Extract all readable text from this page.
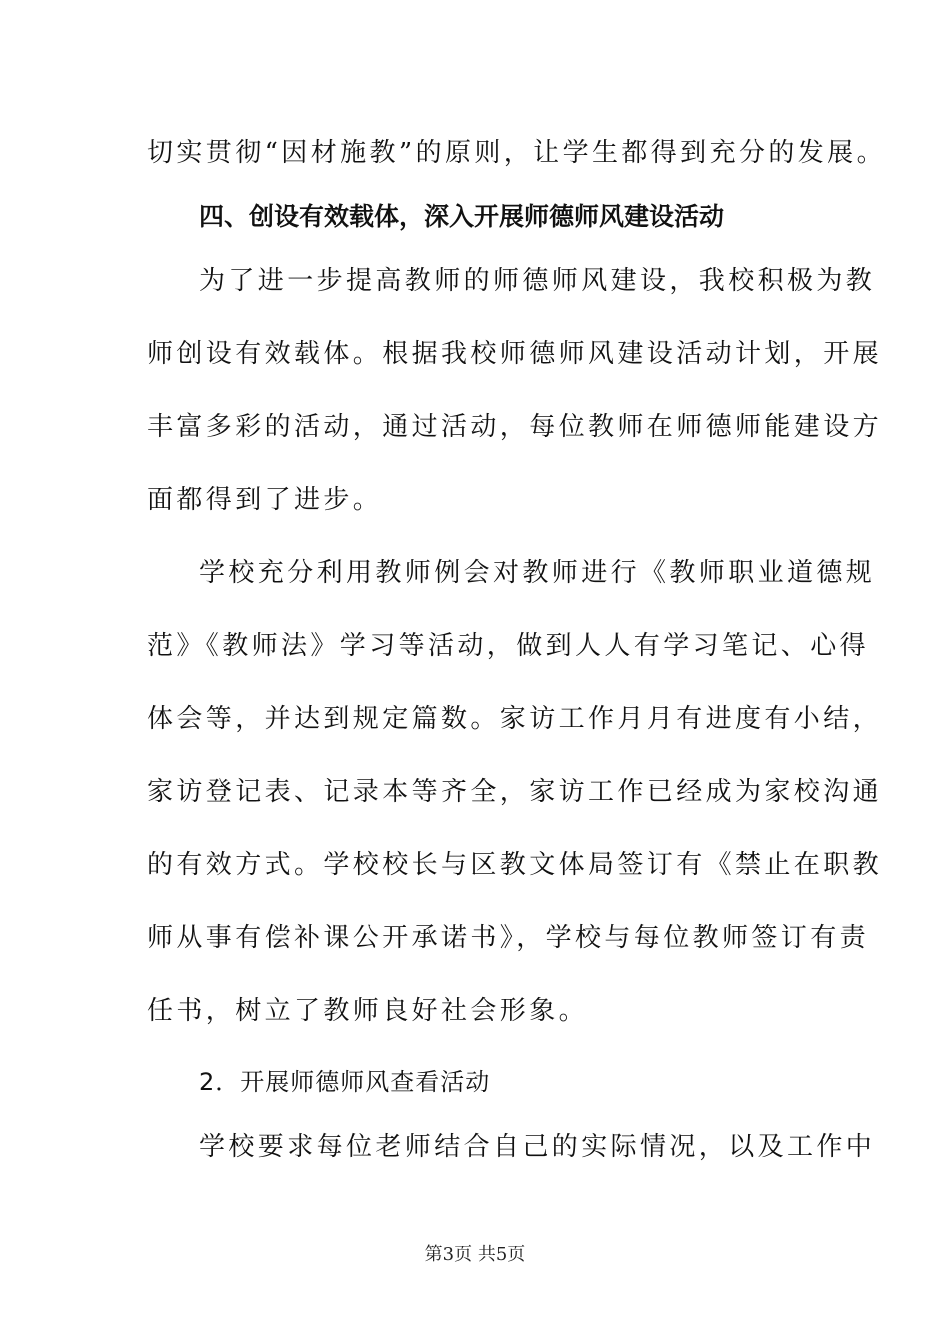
切实贯彻“因材施教”的原则，让学生都得到充分的发展。
四、创设有效载体，深入开展师德师风建设活动
为了进一步提高教师的师德师风建设，我校积极为教
师创设有效载体。根据我校师德师风建设活动计划，开展
丰富多彩的活动，通过活动，每位教师在师德师能建设方
面都得到了进步。
学校充分利用教师例会对教师进行《教师职业道德规
范》《教师法》学习等活动，做到人人有学习笔记、心得
体会等，并达到规定篇数。家访工作月月有进度有小结，
家访登记表、记录本等齐全，家访工作已经成为家校沟通
的有效方式。学校校长与区教文体局签订有《禁止在职教
师从事有偿补课公开承诺书》，学校与每位教师签订有责
任书，树立了教师良好社会形象。
2．开展师德师风查看活动
学校要求每位老师结合自己的实际情况，以及工作中
第3页 共5页
